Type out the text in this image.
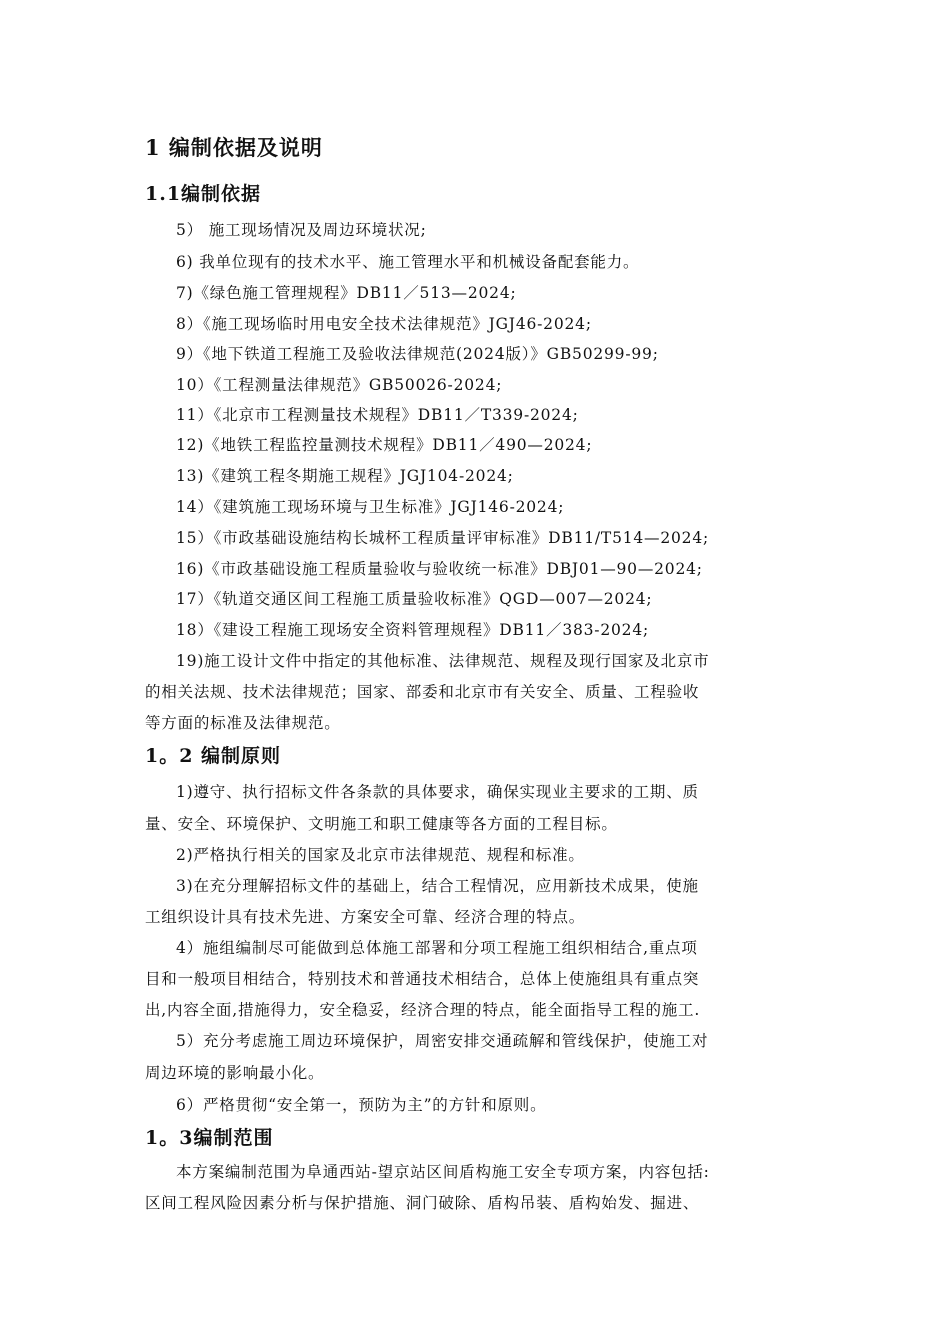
1 编制依据及说明
1.1编制依据
5） 施工现场情况及周边环境状况;
6) 我单位现有的技术水平、施工管理水平和机械设备配套能力。
7)《绿色施工管理规程》DB11／513—2024;
8）《施工现场临时用电安全技术法律规范》JGJ46-2024;
9）《地下铁道工程施工及验收法律规范(2024版）》GB50299-99;
10）《工程测量法律规范》GB50026-2024;
11）《北京市工程测量技术规程》DB11／T339-2024;
12)《地铁工程监控量测技术规程》DB11／490—2024;
13)《建筑工程冬期施工规程》JGJ104-2024;
14）《建筑施工现场环境与卫生标准》JGJ146-2024;
15）《市政基础设施结构长城杯工程质量评审标准》DB11/T514—2024;
16)《市政基础设施工程质量验收与验收统一标准》DBJ01—90—2024;
17）《轨道交通区间工程施工质量验收标准》QGD—007—2024;
18）《建设工程施工现场安全资料管理规程》DB11／383-2024;
19)施工设计文件中指定的其他标准、法律规范、规程及现行国家及北京市
的相关法规、技术法律规范；国家、部委和北京市有关安全、质量、工程验收
等方面的标准及法律规范。
1。2 编制原则
1)遵守、执行招标文件各条款的具体要求，确保实现业主要求的工期、质
量、安全、环境保护、文明施工和职工健康等各方面的工程目标。
2)严格执行相关的国家及北京市法律规范、规程和标准。
3)在充分理解招标文件的基础上，结合工程情况，应用新技术成果，使施
工组织设计具有技术先进、方案安全可靠、经济合理的特点。
4）施组编制尽可能做到总体施工部署和分项工程施工组织相结合,重点项
目和一般项目相结合，特别技术和普通技术相结合，总体上使施组具有重点突
出,内容全面,措施得力，安全稳妥，经济合理的特点，能全面指导工程的施工.
5）充分考虑施工周边环境保护，周密安排交通疏解和管线保护，使施工对
周边环境的影响最小化。
6）严格贯彻“安全第一，预防为主”的方针和原则。
1。3编制范围
本方案编制范围为阜通西站-望京站区间盾构施工安全专项方案，内容包括:
区间工程风险因素分析与保护措施、洞门破除、盾构吊装、盾构始发、掘进、
